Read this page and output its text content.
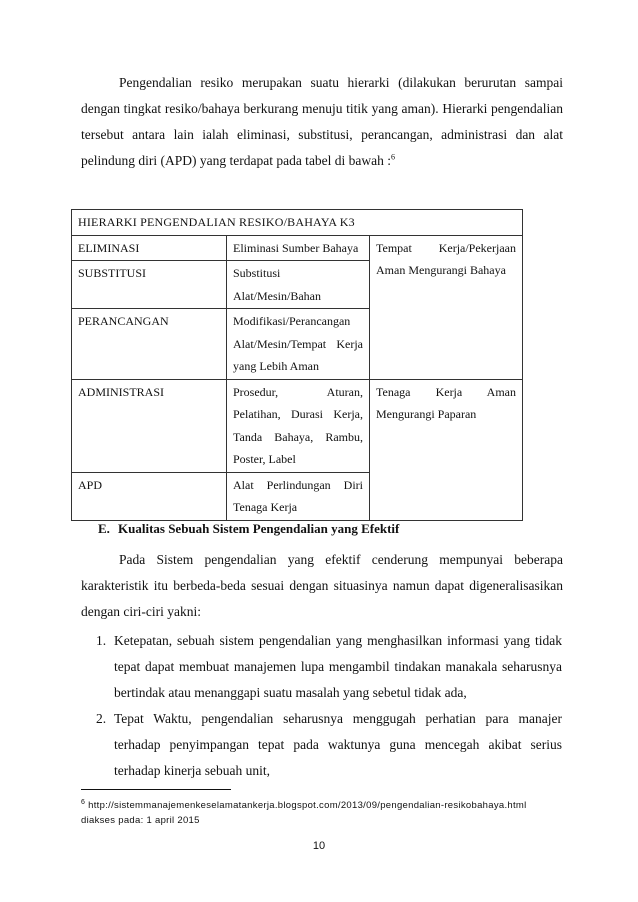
Pengendalian resiko merupakan suatu hierarki (dilakukan berurutan sampai dengan tingkat resiko/bahaya berkurang menuju titik yang aman). Hierarki pengendalian tersebut antara lain ialah eliminasi, substitusi, perancangan, administrasi dan alat pelindung diri (APD) yang terdapat pada tabel di bawah :$^6$

HIERARKI PENGENDALIAN RESIKO/BAHAYA K3		
ELIMINASI	Eliminasi Sumber Bahaya	Tempat Kerja/Pekerjaan Aman Mengurangi Bahaya
SUBSTITUSI	Substitusi Alat/Mesin/Bahan	
PERANCANGAN	Modifikasi/Perancangan Alat/Mesin/Tempat Kerja yang Lebih Aman	
ADMINISTRASI	Prosedur, Aturan, Pelatihan, Durasi Kerja, Tanda Bahaya, Rambu, Poster, Label	Tenaga Kerja Aman Mengurangi Paparan
APD	Alat Perlindungan Diri Tenaga Kerja	
E. Kualitas Sebuah Sistem Pengendalian yang Efektif

Pada Sistem pengendalian yang efektif cenderung mempunyai beberapa karakteristik itu berbeda-beda sesuai dengan situasinya namun dapat digeneralisasikan dengan ciri-ciri yakni:

1. Ketepatan, sebuah sistem pengendalian yang menghasilkan informasi yang tidak tepat dapat membuat manajemen lupa mengambil tindakan manakala seharusnya bertindak atau menanggapi suatu masalah yang sebetul tidak ada,
2. Tepat Waktu, pengendalian seharusnya menggugah perhatian para manajer terhadap penyimpangan tepat pada waktunya guna mencegah akibat serius terhadap kinerja sebuah unit,
$^6$ http://sistemmanajemenkeselamatankerja.blogspot.com/2013/09/pengendalian-resikobahaya.html diakses pada: 1 april 2015
10
